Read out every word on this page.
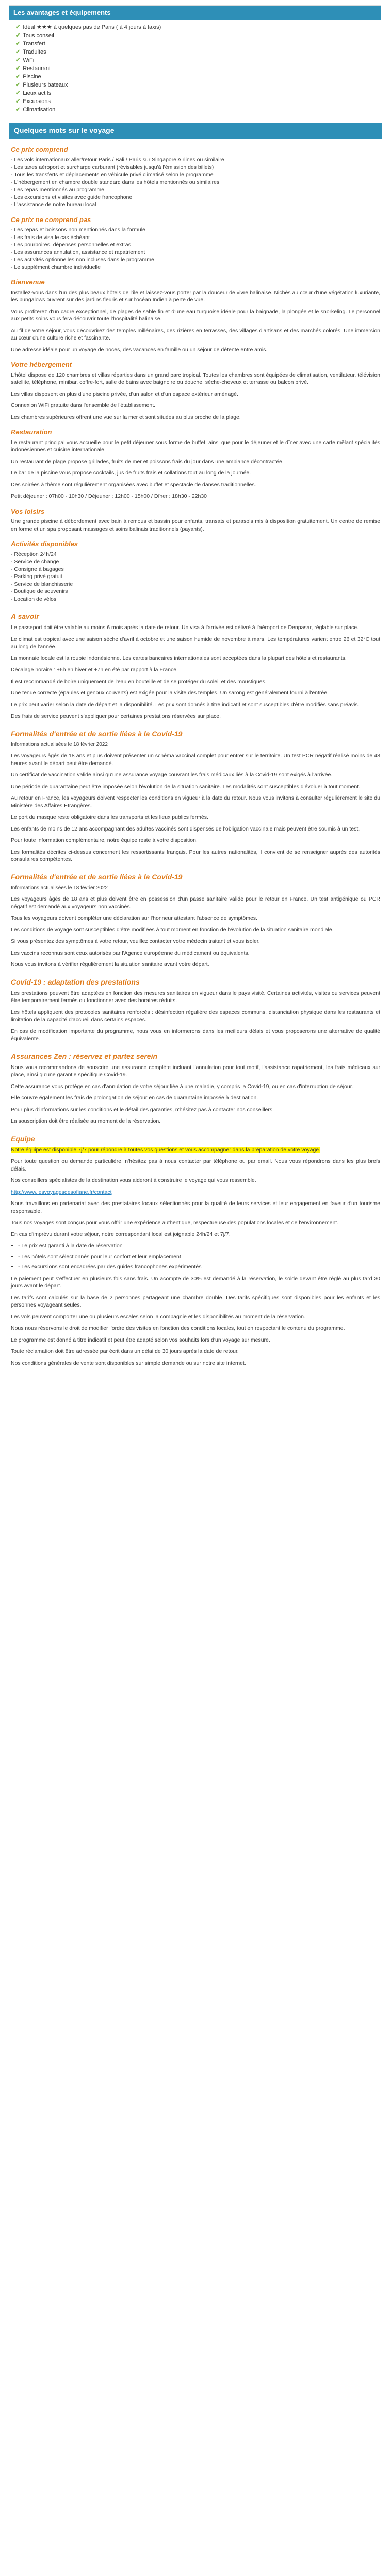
Les avantages et équipements
✔ Idéal ★★★ à quelques pas de Paris ( à 4 jours à taxis)
✔ Tous conseil
✔ Transfert
✔ Traduites
✔ WiFi
✔ Restaurant
✔ Piscine
✔ Plusieurs bateaux
✔ Lieux actifs
✔ Excursions
✔ Climatisation
Quelques mots sur le voyage
Ce prix comprend
- Les vols internationaux aller/retour Paris / Bali / Paris sur Singapore Airlines ou similaire
- Les taxes aéroport et surcharge carburant (révisables jusqu'à l'émission des billets)
- Tous les transferts et déplacements en véhicule privé climatisé selon le programme
- L'hébergement en chambre double standard dans les hôtels mentionnés ou similaires
- Les repas mentionnés au programme
- Les excursions et visites avec guide francophone
- L'assistance de notre bureau local
Ce prix ne comprend pas
- Les repas et boissons non mentionnés dans la formule
- Les frais de visa le cas échéant
- Les pourboires, dépenses personnelles et extras
- Les assurances annulation, assistance et rapatriement
- Les activités optionnelles non incluses dans le programme
- Le supplément chambre individuelle
Bienvenue

Installez-vous dans l'un des plus beaux hôtels de l'île et laissez-vous porter par la douceur de vivre balinaise. Nichés au cœur d'une végétation luxuriante, les bungalows ouvrent sur des jardins fleuris et sur l'océan Indien à perte de vue.

Vous profiterez d'un cadre exceptionnel, de plages de sable fin et d'une eau turquoise idéale pour la baignade, la plongée et le snorkeling. Le personnel aux petits soins vous fera découvrir toute l'hospitalité balinaise.

Au fil de votre séjour, vous découvrirez des temples millénaires, des rizières en terrasses, des villages d'artisans et des marchés colorés. Une immersion au cœur d'une culture riche et fascinante.

Une adresse idéale pour un voyage de noces, des vacances en famille ou un séjour de détente entre amis.

Votre hébergement

L'hôtel dispose de 120 chambres et villas réparties dans un grand parc tropical. Toutes les chambres sont équipées de climatisation, ventilateur, télévision satellite, téléphone, minibar, coffre-fort, salle de bains avec baignoire ou douche, sèche-cheveux et terrasse ou balcon privé.

Les villas disposent en plus d'une piscine privée, d'un salon et d'un espace extérieur aménagé.

Connexion WiFi gratuite dans l'ensemble de l'établissement.

Les chambres supérieures offrent une vue sur la mer et sont situées au plus proche de la plage.

Restauration

Le restaurant principal vous accueille pour le petit déjeuner sous forme de buffet, ainsi que pour le déjeuner et le dîner avec une carte mêlant spécialités indonésiennes et cuisine internationale.

Un restaurant de plage propose grillades, fruits de mer et poissons frais du jour dans une ambiance décontractée.

Le bar de la piscine vous propose cocktails, jus de fruits frais et collations tout au long de la journée.

Des soirées à thème sont régulièrement organisées avec buffet et spectacle de danses traditionnelles.

Petit déjeuner : 07h00 - 10h30 / Déjeuner : 12h00 - 15h00 / Dîner : 18h30 - 22h30

Vos loisirs

Une grande piscine à débordement avec bain à remous et bassin pour enfants, transats et parasols mis à disposition gratuitement. Un centre de remise en forme et un spa proposant massages et soins balinais traditionnels (payants).

Activités disponibles
- Réception 24h/24
- Service de change
- Consigne à bagages
- Parking privé gratuit
- Service de blanchisserie
- Boutique de souvenirs
- Location de vélos
A savoir

Le passeport doit être valable au moins 6 mois après la date de retour. Un visa à l'arrivée est délivré à l'aéroport de Denpasar, réglable sur place.

Le climat est tropical avec une saison sèche d'avril à octobre et une saison humide de novembre à mars. Les températures varient entre 26 et 32°C tout au long de l'année.

La monnaie locale est la roupie indonésienne. Les cartes bancaires internationales sont acceptées dans la plupart des hôtels et restaurants.

Décalage horaire : +6h en hiver et +7h en été par rapport à la France.

Il est recommandé de boire uniquement de l'eau en bouteille et de se protéger du soleil et des moustiques.

Une tenue correcte (épaules et genoux couverts) est exigée pour la visite des temples. Un sarong est généralement fourni à l'entrée.

Le prix peut varier selon la date de départ et la disponibilité. Les prix sont donnés à titre indicatif et sont susceptibles d'être modifiés sans préavis.

Des frais de service peuvent s'appliquer pour certaines prestations réservées sur place.

Formalités d'entrée et de sortie liées à la Covid-19

Informations actualisées le 18 février 2022

Les voyageurs âgés de 18 ans et plus doivent présenter un schéma vaccinal complet pour entrer sur le territoire. Un test PCR négatif réalisé moins de 48 heures avant le départ peut être demandé.

Un certificat de vaccination valide ainsi qu'une assurance voyage couvrant les frais médicaux liés à la Covid-19 sont exigés à l'arrivée.

Une période de quarantaine peut être imposée selon l'évolution de la situation sanitaire. Les modalités sont susceptibles d'évoluer à tout moment.

Au retour en France, les voyageurs doivent respecter les conditions en vigueur à la date du retour. Nous vous invitons à consulter régulièrement le site du Ministère des Affaires Étrangères.

Le port du masque reste obligatoire dans les transports et les lieux publics fermés.

Les enfants de moins de 12 ans accompagnant des adultes vaccinés sont dispensés de l'obligation vaccinale mais peuvent être soumis à un test.

Pour toute information complémentaire, notre équipe reste à votre disposition.

Les formalités décrites ci-dessus concernent les ressortissants français. Pour les autres nationalités, il convient de se renseigner auprès des autorités consulaires compétentes.

Formalités d'entrée et de sortie liées à la Covid-19

Informations actualisées le 18 février 2022

Les voyageurs âgés de 18 ans et plus doivent être en possession d'un passe sanitaire valide pour le retour en France. Un test antigénique ou PCR négatif est demandé aux voyageurs non vaccinés.

Tous les voyageurs doivent compléter une déclaration sur l'honneur attestant l'absence de symptômes.

Les conditions de voyage sont susceptibles d'être modifiées à tout moment en fonction de l'évolution de la situation sanitaire mondiale.

Si vous présentez des symptômes à votre retour, veuillez contacter votre médecin traitant et vous isoler.

Les vaccins reconnus sont ceux autorisés par l'Agence européenne du médicament ou équivalents.

Nous vous invitons à vérifier régulièrement la situation sanitaire avant votre départ.

Covid-19 : adaptation des prestations

Les prestations peuvent être adaptées en fonction des mesures sanitaires en vigueur dans le pays visité. Certaines activités, visites ou services peuvent être temporairement fermés ou fonctionner avec des horaires réduits.

Les hôtels appliquent des protocoles sanitaires renforcés : désinfection régulière des espaces communs, distanciation physique dans les restaurants et limitation de la capacité d'accueil dans certains espaces.

En cas de modification importante du programme, nous vous en informerons dans les meilleurs délais et vous proposerons une alternative de qualité équivalente.

Assurances Zen : réservez et partez serein

Nous vous recommandons de souscrire une assurance complète incluant l'annulation pour tout motif, l'assistance rapatriement, les frais médicaux sur place, ainsi qu'une garantie spécifique Covid-19.

Cette assurance vous protège en cas d'annulation de votre séjour liée à une maladie, y compris la Covid-19, ou en cas d'interruption de séjour.

Elle couvre également les frais de prolongation de séjour en cas de quarantaine imposée à destination.

Pour plus d'informations sur les conditions et le détail des garanties, n'hésitez pas à contacter nos conseillers.

La souscription doit être réalisée au moment de la réservation.

Equipe

Notre équipe est disponible 7j/7 pour répondre à toutes vos questions et vous accompagner dans la préparation de votre voyage.

Pour toute question ou demande particulière, n'hésitez pas à nous contacter par téléphone ou par email. Nous vous répondrons dans les plus brefs délais.

Nos conseillers spécialistes de la destination vous aideront à construire le voyage qui vous ressemble.

http://www.lesvoyagesdesofiane.fr/contact

Nous travaillons en partenariat avec des prestataires locaux sélectionnés pour la qualité de leurs services et leur engagement en faveur d'un tourisme responsable.

Tous nos voyages sont conçus pour vous offrir une expérience authentique, respectueuse des populations locales et de l'environnement.

En cas d'imprévu durant votre séjour, notre correspondant local est joignable 24h/24 et 7j/7.

• - Le prix est garanti à la date de réservation
• - Les hôtels sont sélectionnés pour leur confort et leur emplacement
• - Les excursions sont encadrées par des guides francophones expérimentés

Le paiement peut s'effectuer en plusieurs fois sans frais. Un acompte de 30% est demandé à la réservation, le solde devant être réglé au plus tard 30 jours avant le départ.

Les tarifs sont calculés sur la base de 2 personnes partageant une chambre double. Des tarifs spécifiques sont disponibles pour les enfants et les personnes voyageant seules.

Les vols peuvent comporter une ou plusieurs escales selon la compagnie et les disponibilités au moment de la réservation.

Nous nous réservons le droit de modifier l'ordre des visites en fonction des conditions locales, tout en respectant le contenu du programme.

Le programme est donné à titre indicatif et peut être adapté selon vos souhaits lors d'un voyage sur mesure.

Toute réclamation doit être adressée par écrit dans un délai de 30 jours après la date de retour.

Nos conditions générales de vente sont disponibles sur simple demande ou sur notre site internet.
